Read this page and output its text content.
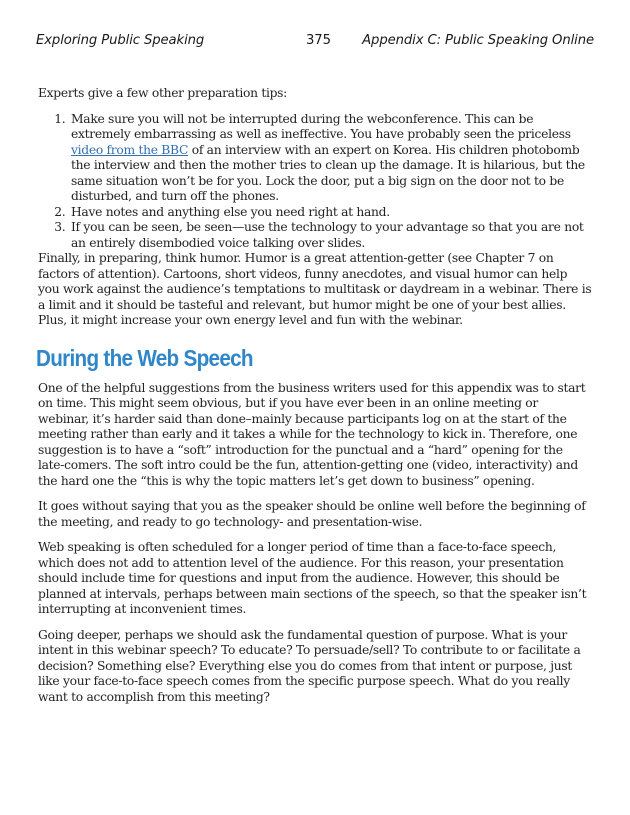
Exploring Public Speaking	375 Appendix C: Public Speaking Online

Experts give a few other preparation tips:

1. Make sure you will not be interrupted during the webconference. This can be extremely embarrassing as well as ineffective. You have probably seen the priceless video from the BBC of an interview with an expert on Korea. His children photobomb the interview and then the mother tries to clean up the damage. It is hilarious, but the same situation won’t be for you. Lock the door, put a big sign on the door not to be disturbed, and turn off the phones.
2. Have notes and anything else you need right at hand.
3. If you can be seen, be seen—use the technology to your advantage so that you are not an entirely disembodied voice talking over slides.

Finally, in preparing, think humor. Humor is a great attention-getter (see Chapter 7 on factors of attention). Cartoons, short videos, funny anecdotes, and visual humor can help you work against the audience’s temptations to multitask or daydream in a webinar. There is a limit and it should be tasteful and relevant, but humor might be one of your best allies. Plus, it might increase your own energy level and fun with the webinar.

During the Web Speech

One of the helpful suggestions from the business writers used for this appendix was to start on time. This might seem obvious, but if you have ever been in an online meeting or webinar, it’s harder said than done–mainly because participants log on at the start of the meeting rather than early and it takes a while for the technology to kick in. Therefore, one suggestion is to have a “soft” introduction for the punctual and a “hard” opening for the late-comers. The soft intro could be the fun, attention-getting one (video, interactivity) and the hard one the “this is why the topic matters let’s get down to business” opening.

It goes without saying that you as the speaker should be online well before the beginning of the meeting, and ready to go technology- and presentation-wise.

Web speaking is often scheduled for a longer period of time than a face-to-face speech, which does not add to attention level of the audience. For this reason, your presentation should include time for questions and input from the audience. However, this should be planned at intervals, perhaps between main sections of the speech, so that the speaker isn’t interrupting at inconvenient times.

Going deeper, perhaps we should ask the fundamental question of purpose. What is your intent in this webinar speech? To educate? To persuade/sell? To contribute to or facilitate a decision? Something else? Everything else you do comes from that intent or purpose, just like your face-to-face speech comes from the specific purpose speech. What do you really want to accomplish from this meeting?
